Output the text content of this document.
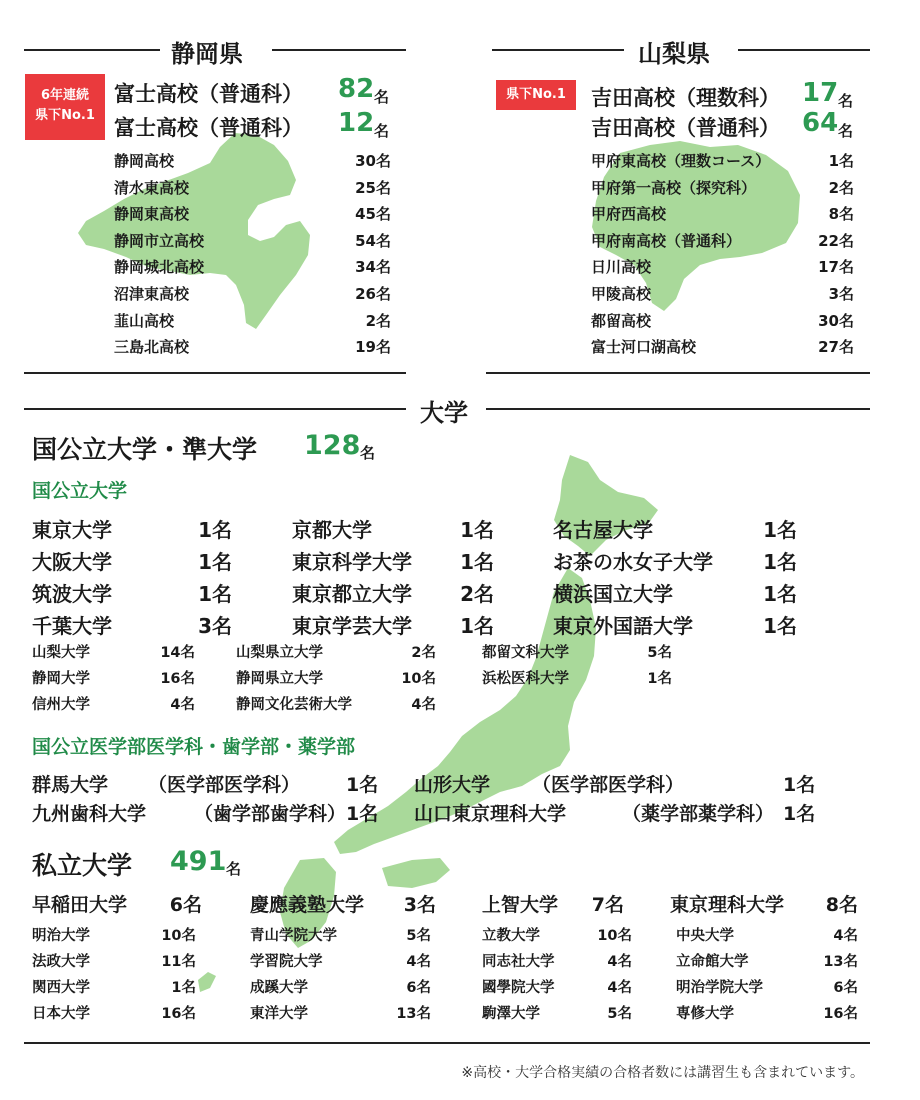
静岡県
6年連続
県下No.1
富士高校（普通科） 82 名
富士高校（普通科） 12 名
山梨県
県下No.1	吉田高校（理数科） 17 名
吉田高校（普通科） 64 名
大学
国公立大学・準大学 128 名
国公立大学
国公立医学部医学科・歯学部・薬学部
私立大学 491 名
※高校・大学合格実績の合格者数には講習生も含まれています。
静岡高校	30名
清水東高校	25名
静岡東高校	45名
静岡市立高校	54名
静岡城北高校	34名
沼津東高校	26名
韮山高校	2名
三島北高校	19名
甲府東高校（理数コース）	1名
甲府第一高校（探究科）	2名
甲府西高校	8名
甲府南高校（普通科）	22名
日川高校	17名
甲陵高校	3名
都留高校	30名
富士河口湖高校	27名
東京大学	1名	京都大学	1名	名古屋大学	1名
大阪大学	1名	東京科学大学	1名	お茶の水女子大学	1名
筑波大学	1名	東京都立大学	2名	横浜国立大学	1名
千葉大学	3名	東京学芸大学	1名	東京外国語大学	1名
山梨大学	14名	山梨県立大学	2名	都留文科大学	5名
静岡大学	16名	静岡県立大学	10名	浜松医科大学	1名
信州大学	4名	静岡文化芸術大学	4名
群馬大学 （医学部医学科） 1名 山形大学 （医学部医学科）	1名
九州歯科大学	（歯学部歯学科） 1名 山口東京理科大学	（薬学部薬学科） 1名
早稲田大学	6名	慶應義塾大学	3名 上智大学	7名 東京理科大学	8名
明治大学	10名	青山学院大学	5名	立教大学	10名	中央大学	4名
法政大学	11名	学習院大学	4名	同志社大学	4名	立命館大学	13名
関西大学	1名	成蹊大学	6名	國學院大学	4名	明治学院大学	6名
日本大学	16名	東洋大学	13名	駒澤大学	5名	専修大学	16名
